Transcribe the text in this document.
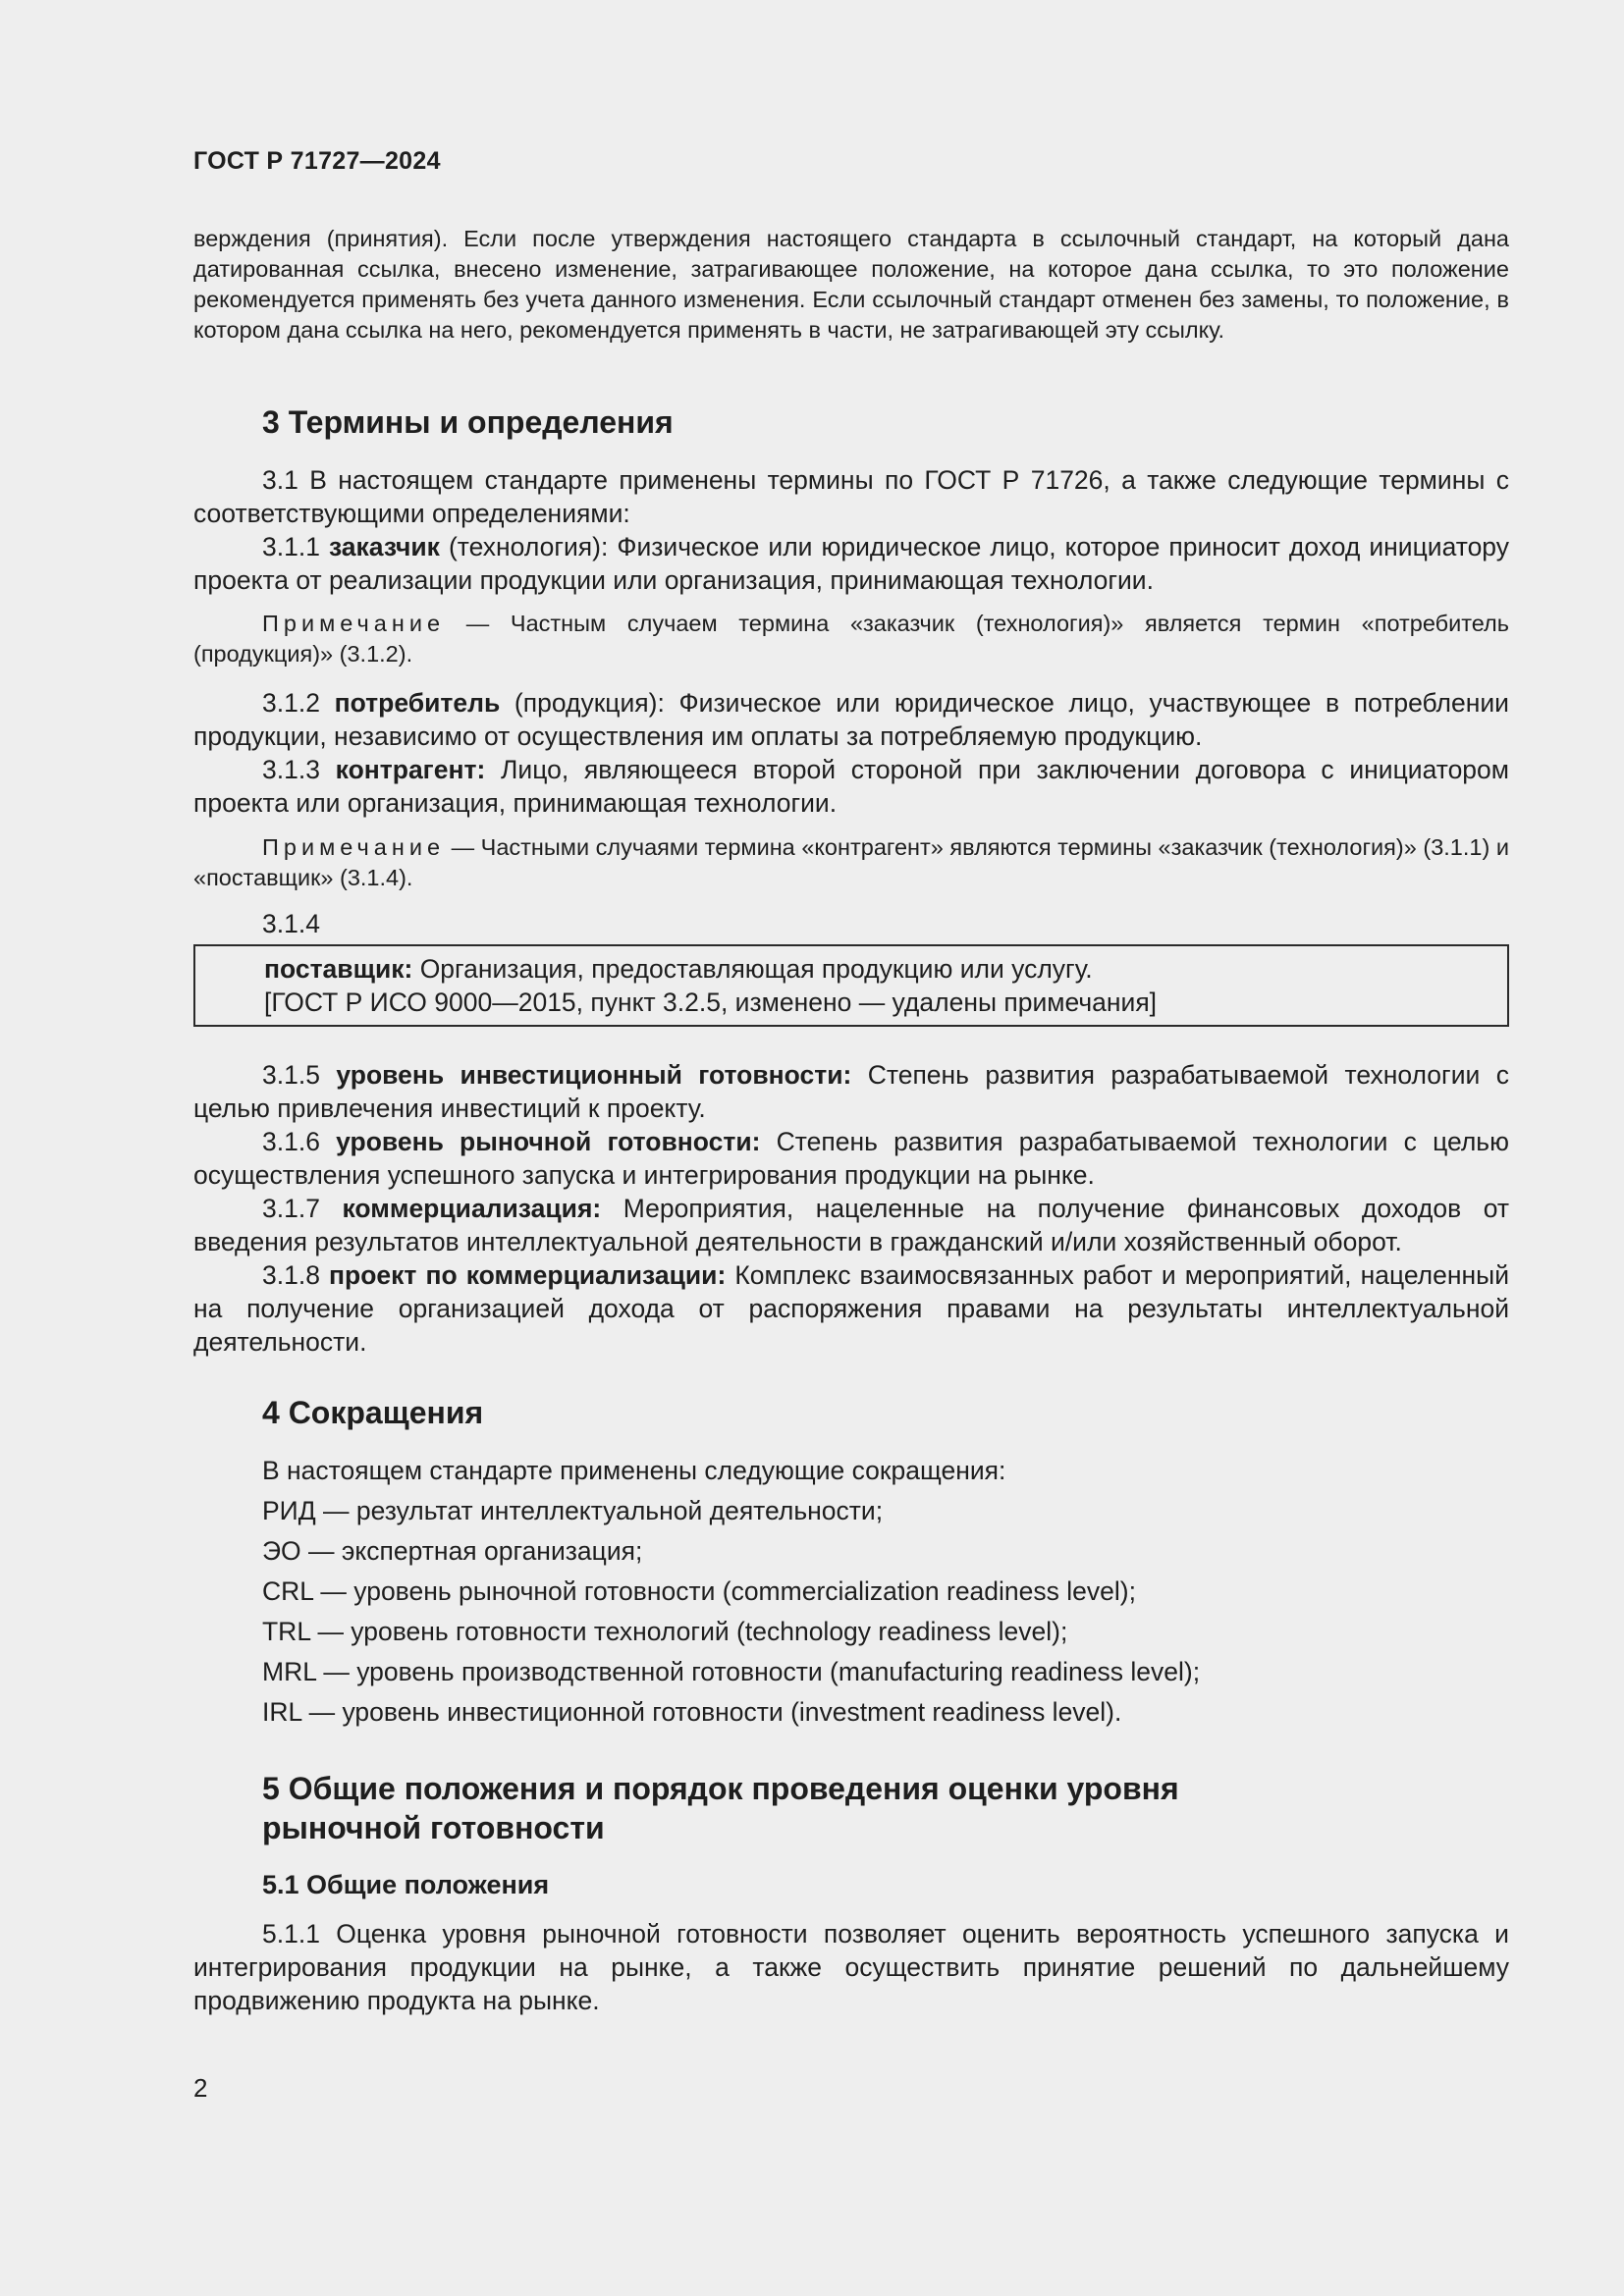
ГОСТ Р 71727—2024

верждения (принятия). Если после утверждения настоящего стандарта в ссылочный стандарт, на который дана датированная ссылка, внесено изменение, затрагивающее положение, на которое дана ссылка, то это положение рекомендуется применять без учета данного изменения. Если ссылочный стандарт отменен без замены, то положение, в котором дана ссылка на него, рекомендуется применять в части, не затрагивающей эту ссылку.

3 Термины и определения

3.1 В настоящем стандарте применены термины по ГОСТ Р 71726, а также следующие термины с соответствующими определениями:

3.1.1 заказчик (технология): Физическое или юридическое лицо, которое приносит доход инициатору проекта от реализации продукции или организация, принимающая технологии.

Примечание — Частным случаем термина «заказчик (технология)» является термин «потребитель (продукция)» (3.1.2).

3.1.2 потребитель (продукция): Физическое или юридическое лицо, участвующее в потреблении продукции, независимо от осуществления им оплаты за потребляемую продукцию.

3.1.3 контрагент: Лицо, являющееся второй стороной при заключении договора с инициатором проекта или организация, принимающая технологии.

Примечание — Частными случаями термина «контрагент» являются термины «заказчик (технология)» (3.1.1) и «поставщик» (3.1.4).

3.1.4

поставщик: Организация, предоставляющая продукцию или услугу.

[ГОСТ Р ИСО 9000—2015, пункт 3.2.5, изменено — удалены примечания]

3.1.5 уровень инвестиционный готовности: Степень развития разрабатываемой технологии с целью привлечения инвестиций к проекту.

3.1.6 уровень рыночной готовности: Степень развития разрабатываемой технологии с целью осуществления успешного запуска и интегрирования продукции на рынке.

3.1.7 коммерциализация: Мероприятия, нацеленные на получение финансовых доходов от введения результатов интеллектуальной деятельности в гражданский и/или хозяйственный оборот.

3.1.8 проект по коммерциализации: Комплекс взаимосвязанных работ и мероприятий, нацеленный на получение организацией дохода от распоряжения правами на результаты интеллектуальной деятельности.

4 Сокращения

В настоящем стандарте применены следующие сокращения:

РИД — результат интеллектуальной деятельности;

ЭО — экспертная организация;

CRL — уровень рыночной готовности (commercialization readiness level);

TRL — уровень готовности технологий (technology readiness level);

MRL — уровень производственной готовности (manufacturing readiness level);

IRL — уровень инвестиционной готовности (investment readiness level).

5 Общие положения и порядок проведения оценки уровня
рыночной готовности
5.1 Общие положения

5.1.1 Оценка уровня рыночной готовности позволяет оценить вероятность успешного запуска и интегрирования продукции на рынке, а также осуществить принятие решений по дальнейшему продвижению продукта на рынке.

2
